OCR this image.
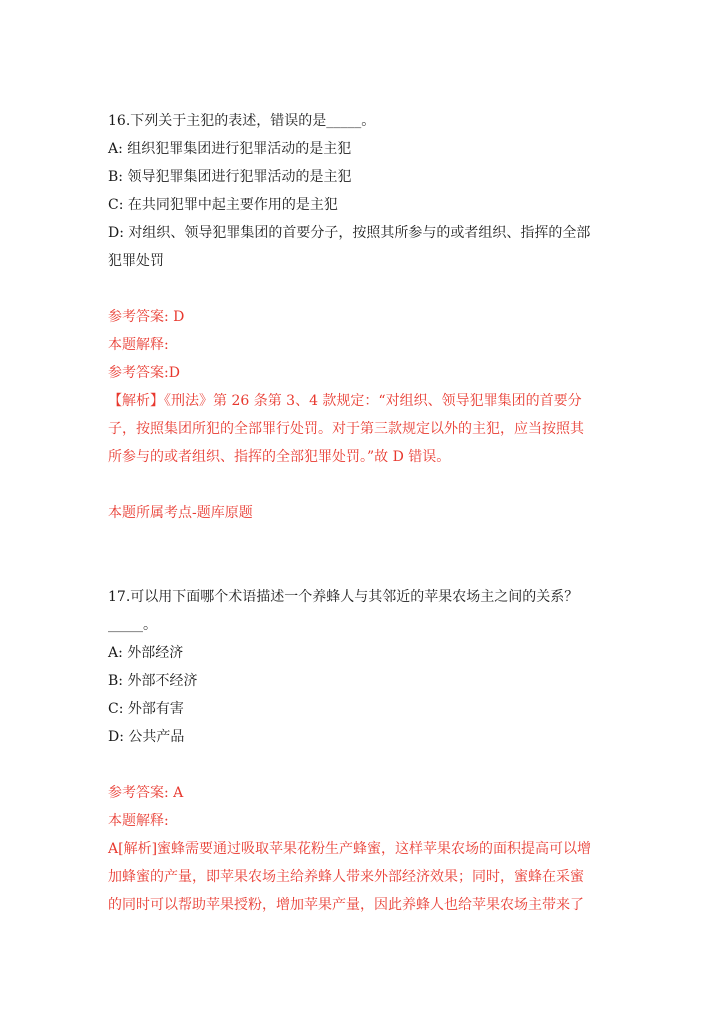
16.下列关于主犯的表述，错误的是_____。
A: 组织犯罪集团进行犯罪活动的是主犯
B: 领导犯罪集团进行犯罪活动的是主犯
C: 在共同犯罪中起主要作用的是主犯
D: 对组织、领导犯罪集团的首要分子，按照其所参与的或者组织、指挥的全部
犯罪处罚
参考答案: D
本题解释:
参考答案:D
【解析】《刑法》第 26 条第 3、4 款规定：“对组织、领导犯罪集团的首要分
子，按照集团所犯的全部罪行处罚。对于第三款规定以外的主犯，应当按照其
所参与的或者组织、指挥的全部犯罪处罚。”故 D 错误。
本题所属考点-题库原题
17.可以用下面哪个术语描述一个养蜂人与其邻近的苹果农场主之间的关系？
_____。
A: 外部经济
B: 外部不经济
C: 外部有害
D: 公共产品
参考答案: A
本题解释:
A[解析]蜜蜂需要通过吸取苹果花粉生产蜂蜜，这样苹果农场的面积提高可以增
加蜂蜜的产量，即苹果农场主给养蜂人带来外部经济效果；同时，蜜蜂在采蜜
的同时可以帮助苹果授粉，增加苹果产量，因此养蜂人也给苹果农场主带来了
